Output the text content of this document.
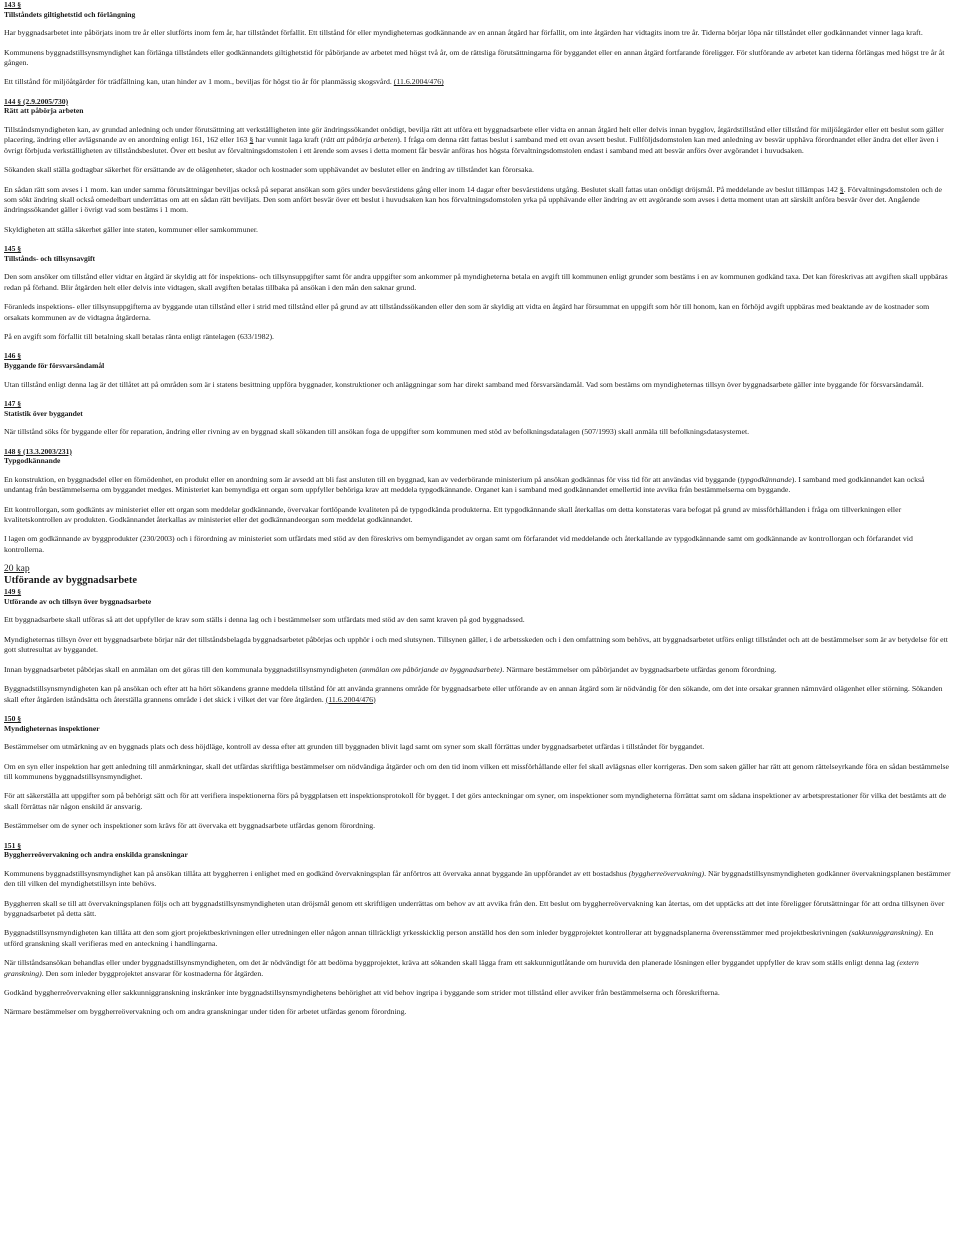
143 §
Tillståndets giltighetstid och förlängning

Har byggnadsarbetet inte påbörjats inom tre år eller slutförts inom fem år, har tillståndet förfallit. Ett tillstånd för eller myndigheternas godkännande av en annan åtgärd har förfallit, om inte åtgärden har vidtagits inom tre år. Tiderna börjar löpa när tillståndet eller godkännandet vinner laga kraft.

Kommunens byggnadstillsynsmyndighet kan förlänga tillståndets eller godkännandets giltighetstid för påbörjande av arbetet med högst två år, om de rättsliga förutsättningarna för byggandet eller en annan åtgärd fortfarande föreligger. För slutförande av arbetet kan tiderna förlängas med högst tre år åt gången.

Ett tillstånd för miljöåtgärder för trädfällning kan, utan hinder av 1 mom., beviljas för högst tio år för planmässig skogsvård. (11.6.2004/476)

144 § (2.9.2005/730)
Rätt att påbörja arbeten

Tillståndsmyndigheten kan, av grundad anledning och under förutsättning att verkställigheten inte gör ändringssökandet onödigt, bevilja rätt att utföra ett byggnadsarbete eller vidta en annan åtgärd helt eller delvis innan bygglov, åtgärdstillstånd eller tillstånd för miljöåtgärder eller ett beslut som gäller placering, ändring eller avlägsnande av en anordning enligt 161, 162 eller 163 § har vunnit laga kraft (rätt att påbörja arbeten). I fråga om denna rätt fattas beslut i samband med ett ovan avsett beslut. Fullföljdsdomstolen kan med anledning av besvär upphäva förordnandet eller ändra det eller även i övrigt förbjuda verkställigheten av tillståndsbeslutet. Över ett beslut av förvaltningsdomstolen i ett ärende som avses i detta moment får besvär anföras hos högsta förvaltningsdomstolen endast i samband med att besvär anförs över avgörandet i huvudsaken.

Sökanden skall ställa godtagbar säkerhet för ersättande av de olägenheter, skador och kostnader som upphävandet av beslutet eller en ändring av tillståndet kan förorsaka.

En sådan rätt som avses i 1 mom. kan under samma förutsättningar beviljas också på separat ansökan som görs under besvärstidens gång eller inom 14 dagar efter besvärstidens utgång. Beslutet skall fattas utan onödigt dröjsmål. På meddelande av beslut tillämpas 142 §. Förvaltningsdomstolen och de som sökt ändring skall också omedelbart underrättas om att en sådan rätt beviljats. Den som anfört besvär över ett beslut i huvudsaken kan hos förvaltningsdomstolen yrka på upphävande eller ändring av ett avgörande som avses i detta moment utan att särskilt anföra besvär över det. Angående ändringssökandet gäller i övrigt vad som bestäms i 1 mom.

Skyldigheten att ställa säkerhet gäller inte staten, kommuner eller samkommuner.

145 §
Tillstånds- och tillsynsavgift

Den som ansöker om tillstånd eller vidtar en åtgärd är skyldig att för inspektions- och tillsynsuppgifter samt för andra uppgifter som ankommer på myndigheterna betala en avgift till kommunen enligt grunder som bestäms i en av kommunen godkänd taxa. Det kan föreskrivas att avgiften skall uppbäras redan på förhand. Blir åtgärden helt eller delvis inte vidtagen, skall avgiften betalas tillbaka på ansökan i den mån den saknar grund.

Föranleds inspektions- eller tillsynsuppgifterna av byggande utan tillstånd eller i strid med tillstånd eller på grund av att tillståndssökanden eller den som är skyldig att vidta en åtgärd har försummat en uppgift som hör till honom, kan en förhöjd avgift uppbäras med beaktande av de kostnader som orsakats kommunen av de vidtagna åtgärderna.

På en avgift som förfallit till betalning skall betalas ränta enligt räntelagen (633/1982).

146 §
Byggande för försvarsändamål

Utan tillstånd enligt denna lag är det tillåtet att på områden som är i statens besittning uppföra byggnader, konstruktioner och anläggningar som har direkt samband med försvarsändamål. Vad som bestäms om myndigheternas tillsyn över byggnadsarbete gäller inte byggande för försvarsändamål.

147 §
Statistik över byggandet

När tillstånd söks för byggande eller för reparation, ändring eller rivning av en byggnad skall sökanden till ansökan foga de uppgifter som kommunen med stöd av befolkningsdatalagen (507/1993) skall anmäla till befolkningsdatasystemet.

148 § (13.3.2003/231)
Typgodkännande

En konstruktion, en byggnadsdel eller en förnödenhet, en produkt eller en anordning som är avsedd att bli fast ansluten till en byggnad, kan av vederbörande ministerium på ansökan godkännas för viss tid för att användas vid byggande (typgodkännande). I samband med godkännandet kan också undantag från bestämmelserna om byggandet medges. Ministeriet kan bemyndiga ett organ som uppfyller behöriga krav att meddela typgodkännande. Organet kan i samband med godkännandet emellertid inte avvika från bestämmelserna om byggande.

Ett kontrollorgan, som godkänts av ministeriet eller ett organ som meddelar godkännande, övervakar fortlöpande kvaliteten på de typgodkända produkterna. Ett typgodkännande skall återkallas om detta konstateras vara befogat på grund av missförhållanden i fråga om tillverkningen eller kvalitetskontrollen av produkten. Godkännandet återkallas av ministeriet eller det godkännandeorgan som meddelat godkännandet.

I lagen om godkännande av byggprodukter (230/2003) och i förordning av ministeriet som utfärdats med stöd av den föreskrivs om bemyndigandet av organ samt om förfarandet vid meddelande och återkallande av typgodkännande samt om godkännande av kontrollorgan och förfarandet vid kontrollerna.

20 kap
Utförande av byggnadsarbete
149 §
Utförande av och tillsyn över byggnadsarbete

Ett byggnadsarbete skall utföras så att det uppfyller de krav som ställs i denna lag och i bestämmelser som utfärdats med stöd av den samt kraven på god byggnadssed.

Myndigheternas tillsyn över ett byggnadsarbete börjar när det tillståndsbelagda byggnadsarbetet påbörjas och upphör i och med slutsynen. Tillsynen gäller, i de arbetsskeden och i den omfattning som behövs, att byggnadsarbetet utförs enligt tillståndet och att de bestämmelser som är av betydelse för ett gott slutresultat av byggandet.

Innan byggnadsarbetet påbörjas skall en anmälan om det göras till den kommunala byggnadstillsynsmyndigheten (anmälan om påbörjande av byggnadsarbete). Närmare bestämmelser om påbörjandet av byggnadsarbete utfärdas genom förordning.

Byggnadstillsynsmyndigheten kan på ansökan och efter att ha hört sökandens granne meddela tillstånd för att använda grannens område för byggnadsarbete eller utförande av en annan åtgärd som är nödvändig för den sökande, om det inte orsakar grannen nämnvärd olägenhet eller störning. Sökanden skall efter åtgärden iståndsätta och återställa grannens område i det skick i vilket det var före åtgärden. (11.6.2004/476)

150 §
Myndigheternas inspektioner

Bestämmelser om utmärkning av en byggnads plats och dess höjdläge, kontroll av dessa efter att grunden till byggnaden blivit lagd samt om syner som skall förrättas under byggnadsarbetet utfärdas i tillståndet för byggandet.

Om en syn eller inspektion har gett anledning till anmärkningar, skall det utfärdas skriftliga bestämmelser om nödvändiga åtgärder och om den tid inom vilken ett missförhållande eller fel skall avlägsnas eller korrigeras. Den som saken gäller har rätt att genom rättelseyrkande föra en sådan bestämmelse till kommunens byggnadstillsynsmyndighet.

För att säkerställa att uppgifter som på behörigt sätt och för att verifiera inspektionerna förs på byggplatsen ett inspektionsprotokoll för bygget. I det görs anteckningar om syner, om inspektioner som myndigheterna förrättat samt om sådana inspektioner av arbetsprestationer för vilka det bestämts att de skall förrättas när någon enskild är ansvarig.

Bestämmelser om de syner och inspektioner som krävs för att övervaka ett byggnadsarbete utfärdas genom förordning.

151 §
Byggherreövervakning och andra enskilda granskningar

Kommunens byggnadstillsynsmyndighet kan på ansökan tillåta att byggherren i enlighet med en godkänd övervakningsplan får anförtros att övervaka annat byggande än uppförandet av ett bostadshus (byggherreövervakning). När byggnadstillsynsmyndigheten godkänner övervakningsplanen bestämmer den till vilken del myndighetstillsyn inte behövs.

Byggherren skall se till att övervakningsplanen följs och att byggnadstillsynsmyndigheten utan dröjsmål genom ett skriftligen underrättas om behov av att avvika från den. Ett beslut om byggherreövervakning kan återtas, om det upptäcks att det inte föreligger förutsättningar för att ordna tillsynen över byggnadsarbetet på detta sätt.

Byggnadstillsynsmyndigheten kan tillåta att den som gjort projektbeskrivningen eller utredningen eller någon annan tillräckligt yrkesskicklig person anställd hos den som inleder byggprojektet kontrollerar att byggnadsplanerna överensstämmer med projektbeskrivningen (sakkunniggranskning). En utförd granskning skall verifieras med en anteckning i handlingarna.

När tillståndsansökan behandlas eller under byggnadstillsynsmyndigheten, om det är nödvändigt för att bedöma byggprojektet, kräva att sökanden skall lägga fram ett sakkunnigutlåtande om huruvida den planerade lösningen eller byggandet uppfyller de krav som ställs enligt denna lag (extern granskning). Den som inleder byggprojektet ansvarar för kostnaderna för åtgärden.

Godkänd byggherreövervakning eller sakkunniggranskning inskränker inte byggnadstillsynsmyndighetens behörighet att vid behov ingripa i byggande som strider mot tillstånd eller avviker från bestämmelserna och föreskrifterna.

Närmare bestämmelser om byggherreövervakning och om andra granskningar under tiden för arbetet utfärdas genom förordning.
